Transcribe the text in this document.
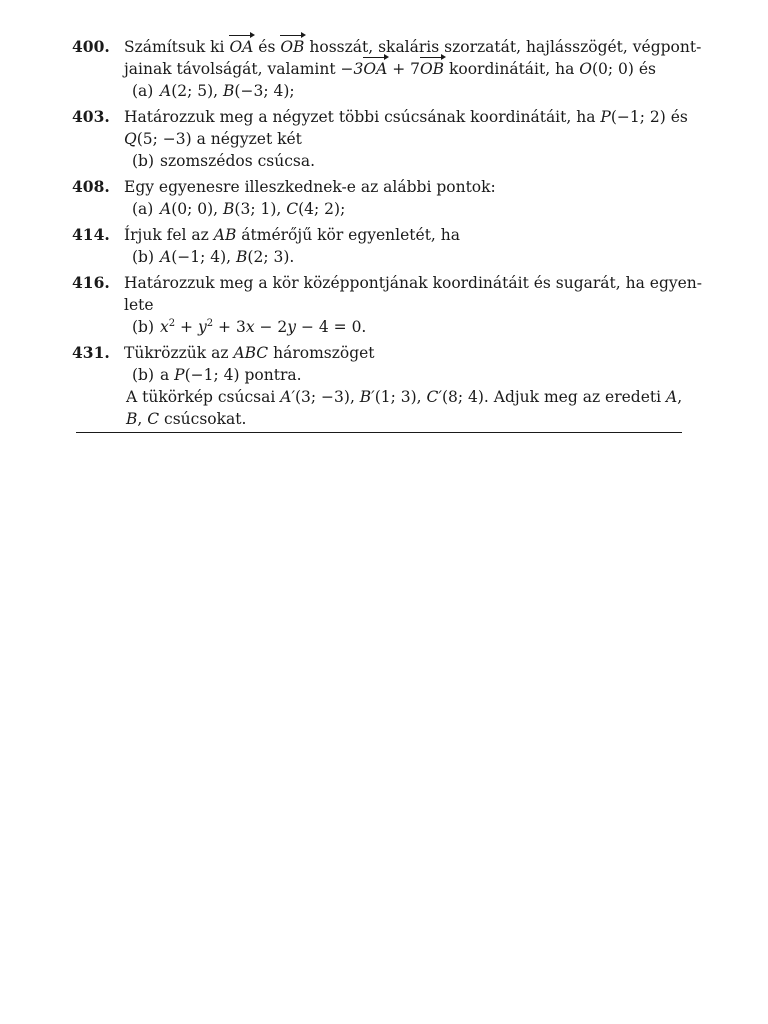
400. Számítsuk ki OA és OB hosszát, skaláris szorzatát, hajlásszögét, végpont-
jainak távolságát, valamint −3OA + 7OB koordinátáit, ha O(0; 0) és
(a) A(2; 5), B(−3; 4);
403. Határozzuk meg a négyzet többi csúcsának koordinátáit, ha P(−1; 2) és
Q(5; −3) a négyzet két
(b) szomszédos csúcsa.
408. Egy egyenesre illeszkednek-e az alábbi pontok:
(a) A(0; 0), B(3; 1), C(4; 2);
414. Írjuk fel az AB átmérőjű kör egyenletét, ha
(b) A(−1; 4), B(2; 3).
416. Határozzuk meg a kör középpontjának koordinátáit és sugarát, ha egyen-
lete
(b) $x^2 + y^2 + 3x - 2y - 4 = 0$.
431. Tükrözzük az ABC háromszöget
(b) a P(−1; 4) pontra.
A tükörkép csúcsai A′(3; −3), B′(1; 3), C′(8; 4). Adjuk meg az eredeti A,
B, C csúcsokat.
